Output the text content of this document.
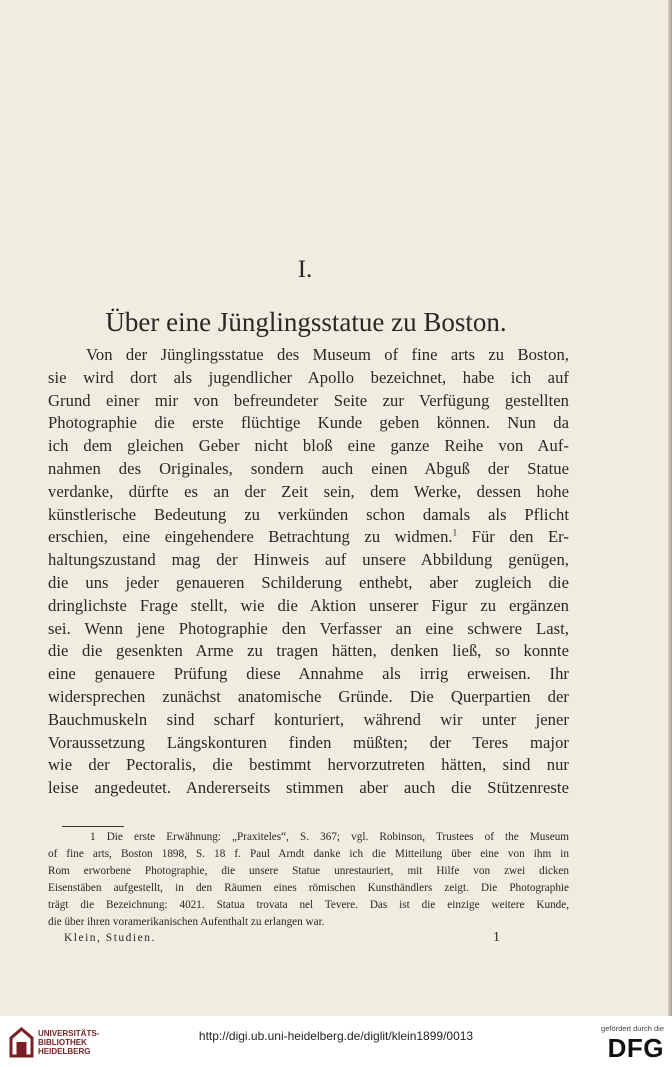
I.
Über eine Jünglingsstatue zu Boston.
Von der Jünglingsstatue des Museum of fine arts zu Boston,
sie wird dort als jugendlicher Apollo bezeichnet, habe ich auf
Grund einer mir von befreundeter Seite zur Verfügung gestellten
Photographie die erste flüchtige Kunde geben können. Nun da
ich dem gleichen Geber nicht bloß eine ganze Reihe von Auf-
nahmen des Originales, sondern auch einen Abguß der Statue
verdanke, dürfte es an der Zeit sein, dem Werke, dessen hohe
künstlerische Bedeutung zu verkünden schon damals als Pflicht
erschien, eine eingehendere Betrachtung zu widmen.$^1$ Für den Er-
haltungszustand mag der Hinweis auf unsere Abbildung genügen,
die uns jeder genaueren Schilderung enthebt, aber zugleich die
dringlichste Frage stellt, wie die Aktion unserer Figur zu ergänzen
sei. Wenn jene Photographie den Verfasser an eine schwere Last,
die die gesenkten Arme zu tragen hätten, denken ließ, so konnte
eine genauere Prüfung diese Annahme als irrig erweisen. Ihr
widersprechen zunächst anatomische Gründe. Die Querpartien der
Bauchmuskeln sind scharf konturiert, während wir unter jener
Voraussetzung Längskonturen finden müßten; der Teres major
wie der Pectoralis, die bestimmt hervorzutreten hätten, sind nur
leise angedeutet. Andererseits stimmen aber auch die Stützenreste
1 Die erste Erwähnung: „Praxiteles“, S. 367; vgl. Robinson, Trustees of the Museum
of fine arts, Boston 1898, S. 18 f. Paul Arndt danke ich die Mitteilung über eine von ihm in
Rom erworbene Photographie, die unsere Statue unrestauriert, mit Hilfe von zwei dicken
Eisenstäben aufgestellt, in den Räumen eines römischen Kunsthändlers zeigt. Die Photographie
trägt die Bezeichnung: 4021. Statua trovata nel Tevere. Das ist die einzige weitere Kunde,
die über ihren voramerikanischen Aufenthalt zu erlangen war.
Klein, Studien.	1
UNIVERSITÄTS-
BIBLIOTHEK
HEIDELBERG
http://digi.ub.uni-heidelberg.de/diglit/klein1899/0013
gefördert durch die
DFG
